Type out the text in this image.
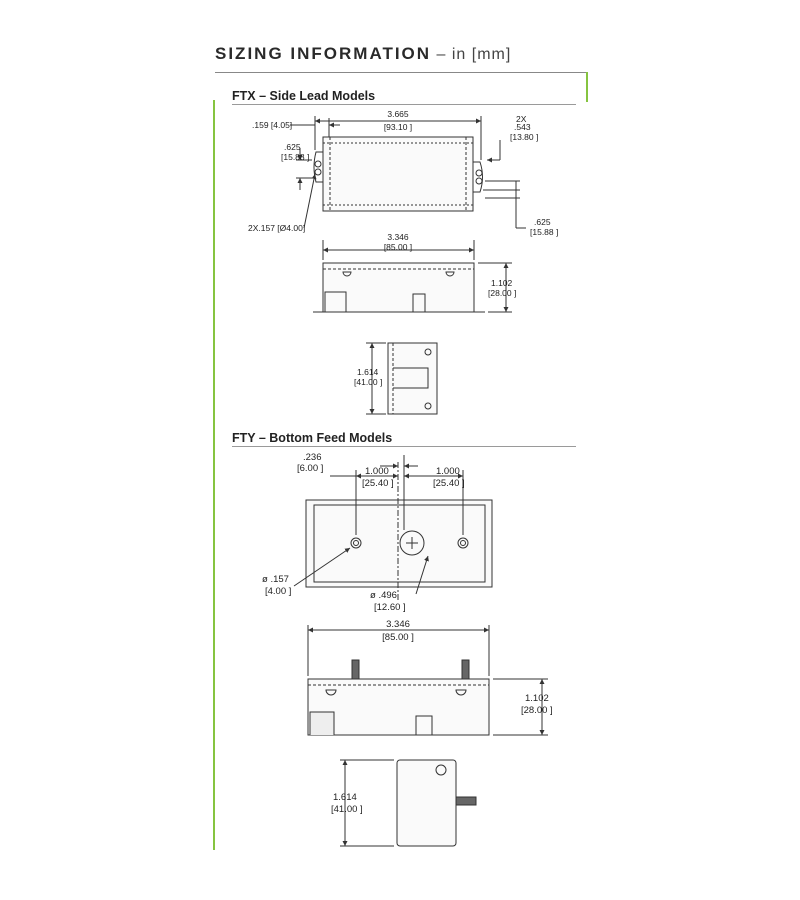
SIZING INFORMATION – in [mm]
FTX – Side Lead Models
FTY – Bottom Feed Models
3.665
[93.10 ]
.159 [4.05]
.625
[15.88 ]
2X
.543
[13.80 ]
.625
[15.88 ]
2X.157 [Ø4.00]
3.346
[85.00 ]
1.102
[28.00 ]
1.614
[41.00 ]
.236
[6.00 ]	1.000
[25.40 ]
1.000
[25.40 ]
ø .157
[4.00 ]	ø .496
[12.60 ]
3.346
[85.00 ]
1.102
[28.00 ]
1.614
[41.00 ]
